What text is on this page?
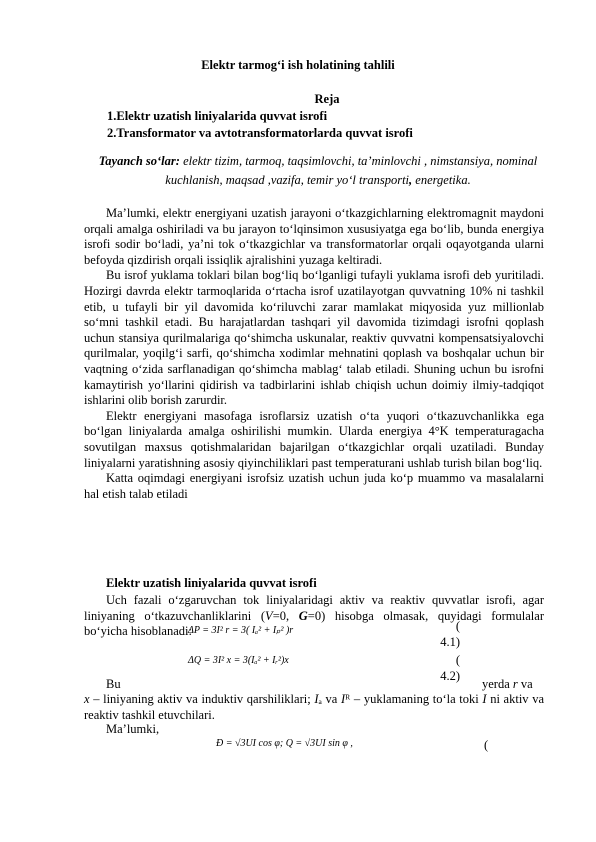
Elektr tarmog‘i ish holatining tahlili
Reja
1.Elektr uzatish liniyalarida quvvat isrofi
2.Transformator va avtotransformatorlarda quvvat isrofi
Tayanch so‘lar: elektr tizim, tarmoq, taqsimlovchi, ta’minlovchi , nimstansiya, nominal kuchlanish, maqsad ,vazifa, temir yo‘l transporti, energetika.

Ma’lumki, elektr energiyani uzatish jarayoni o‘tkazgichlarning elektromagnit maydoni orqali amalga oshiriladi va bu jarayon to‘lqinsimon xususiyatga ega bo‘lib, bunda energiya isrofi sodir bo‘ladi, ya’ni tok o‘tkazgichlar va transformatorlar orqali oqayotganda ularni befoyda qizdirish orqali issiqlik ajralishini yuzaga keltiradi.

Bu isrof yuklama toklari bilan bog‘liq bo‘lganligi tufayli yuklama isrofi deb yuritiladi. Hozirgi davrda elektr tarmoqlarida o‘rtacha isrof uzatilayotgan quvvatning 10% ni tashkil etib, u tufayli bir yil davomida ko‘riluvchi zarar mamlakat miqyosida yuz millionlab so‘mni tashkil etadi. Bu harajatlardan tashqari yil davomida tizimdagi isrofni qoplash uchun stansiya qurilmalariga qo‘shimcha uskunalar, reaktiv quvvatni kompensatsiyalovchi qurilmalar, yoqilg‘i sarfi, qo‘shimcha xodimlar mehnatini qoplash va boshqalar uchun bir vaqtning o‘zida sarflanadigan qo‘shimcha mablag‘ talab etiladi. Shuning uchun bu isrofni kamaytirish yo‘llarini qidirish va tadbirlarini ishlab chiqish uchun doimiy ilmiy-tadqiqot ishlarini olib borish zarurdir.

Elektr energiyani masofaga isroflarsiz uzatish o‘ta yuqori o‘tkazuvchanlikka ega bo‘lgan liniyalarda amalga oshirilishi mumkin. Ularda energiya 4°K temperaturagacha sovutilgan maxsus qotishmalaridan bajarilgan o‘tkazgichlar orqali uzatiladi. Bunday liniyalarni yaratishning asosiy qiyinchiliklari past temperaturani ushlab turish bilan bog‘liq.

Katta oqimdagi energiyani isrofsiz uzatish uchun juda ko‘p muammo va masalalarni hal etish talab etiladi

Elektr uzatish liniyalarida quvvat isrofi

Uch fazali o‘zgaruvchan tok liniyalaridagi aktiv va reaktiv quvvatlar isrofi, agar liniyaning o‘tkazuvchanliklarini (V=0, G=0) hisobga olmasak, quyidagi formulalar bo‘yicha hisoblanadi:

ΔP = 3I² r = 3( Iₐ² + Iₚ² )r	(
4.1)
ΔQ = 3I² x = 3(Iₐ² + Iᵣ²)x	(
4.2)
Bu	yerda r va

x – liniyaning aktiv va induktiv qarshiliklari; Iₐ va Iᴿ – yuklamaning to‘la toki I ni aktiv va reaktiv tashkil etuvchilari.

Ma’lumki,
Ð = √3UI cos φ; Q = √3UI sin φ ,	(
